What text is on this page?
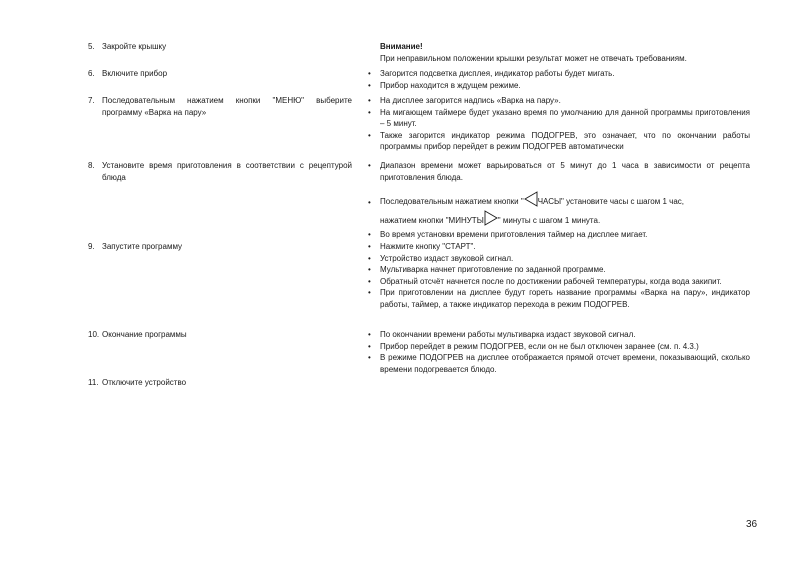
5. Закройте крышку
6. Включите прибор
7. Последовательным нажатием кнопки "МЕНЮ" выберите программу «Варка на пару»
8. Установите время приготовления в соответствии с рецептурой блюда
9. Запустите программу
10. Окончание программы
11. Отключите устройство
Внимание!
При неправильном положении крышки результат может не отвечать требованиям.
• Загорится подсветка дисплея, индикатор работы будет мигать.
• Прибор находится в ждущем режиме.
• На дисплее загорится надпись «Варка на пару».
• На мигающем таймере будет указано время по умолчанию для данной программы приготовления – 5 минут.
• Также загорится индикатор режима ПОДОГРЕВ, это означает, что по окончании работы программы прибор перейдет в режим ПОДОГРЕВ автоматически
• Диапазон времени может варьироваться от 5 минут до 1 часа в зависимости от рецепта приготовления блюда.
• Последовательным нажатием кнопки " ЧАСЫ" установите часы с шагом 1 час,
нажатием кнопки "МИНУТЫ " минуты с шагом 1 минута.
• Во время установки времени приготовления таймер на дисплее мигает.
• Нажмите кнопку "СТАРТ".
• Устройство издаст звуковой сигнал.
• Мультиварка начнет приготовление по заданной программе.
• Обратный отсчёт начнется после по достижении рабочей температуры, когда вода закипит.
• При приготовлении на дисплее будут гореть название программы «Варка на пару», индикатор работы, таймер, а также индикатор перехода в режим ПОДОГРЕВ.
• По окончании времени работы мультиварка издаст звуковой сигнал.
• Прибор перейдет в режим ПОДОГРЕВ, если он не был отключен заранее (см. п. 4.3.)
• В режиме ПОДОГРЕВ на дисплее отображается прямой отсчет времени, показывающий, сколько времени подогревается блюдо.
36
